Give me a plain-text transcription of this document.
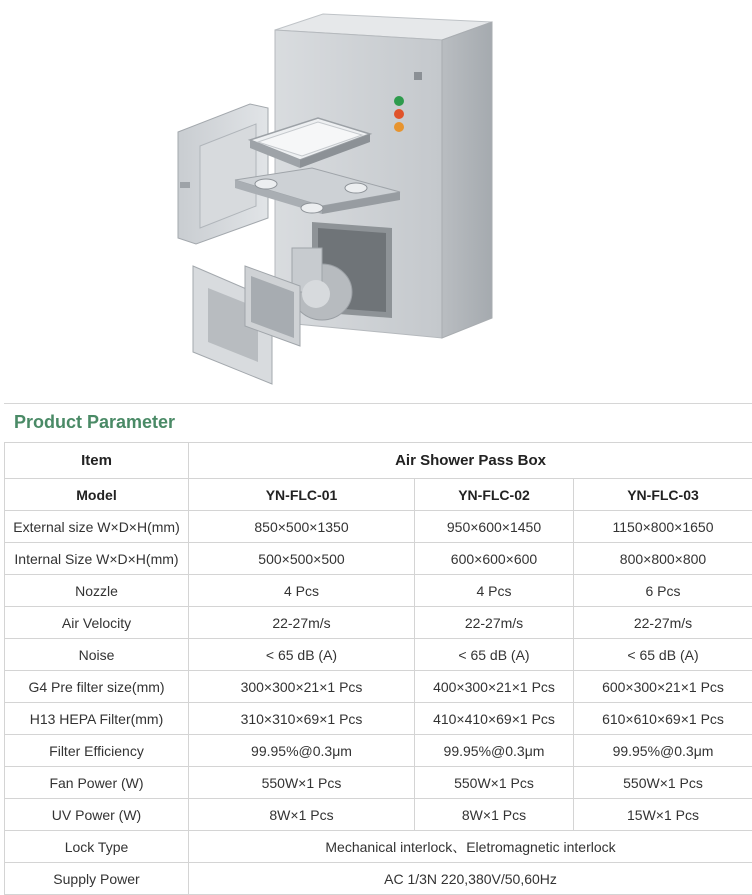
Product Parameter
Item	Air Shower Pass Box		
Model	YN-FLC-01	YN-FLC-02	YN-FLC-03
External size W×D×H(mm)	850×500×1350	950×600×1450	1150×800×1650
Internal Size W×D×H(mm)	500×500×500	600×600×600	800×800×800
Nozzle	4 Pcs	4 Pcs	6 Pcs
Air Velocity	22-27m/s	22-27m/s	22-27m/s
Noise	< 65 dB (A)	< 65 dB (A)	< 65 dB (A)
G4 Pre filter size(mm)	300×300×21×1 Pcs	400×300×21×1 Pcs	600×300×21×1 Pcs
H13 HEPA Filter(mm)	310×310×69×1 Pcs	410×410×69×1 Pcs	610×610×69×1 Pcs
Filter Efficiency	99.95%@0.3μm	99.95%@0.3μm	99.95%@0.3μm
Fan Power (W)	550W×1 Pcs	550W×1 Pcs	550W×1 Pcs
UV Power (W)	8W×1 Pcs	8W×1 Pcs	15W×1 Pcs
Lock Type	Mechanical interlock、Eletromagnetic interlock		
Supply Power	AC 1/3N 220,380V/50,60Hz		
